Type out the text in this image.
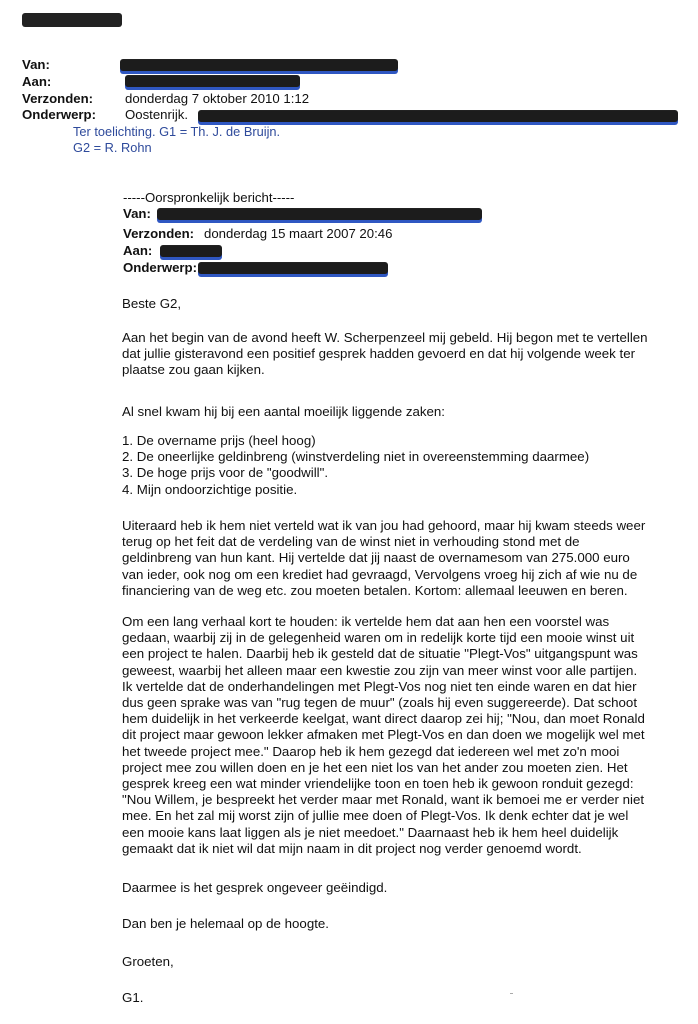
Van:
Aan:
Verzonden: donderdag 7 oktober 2010 1:12
Onderwerp: Oostenrijk.
Ter toelichting. G1 = Th. J. de Bruijn.
G2 = R. Rohn
-----Oorspronkelijk bericht-----
Van:
Verzonden: donderdag 15 maart 2007 20:46
Aan:
Onderwerp:
Beste G2,
Aan het begin van de avond heeft W. Scherpenzeel mij gebeld. Hij begon met te vertellen
dat jullie gisteravond een positief gesprek hadden gevoerd en dat hij volgende week ter
plaatse zou gaan kijken.
Al snel kwam hij bij een aantal moeilijk liggende zaken:
1. De overname prijs (heel hoog)
2. De oneerlijke geldinbreng (winstverdeling niet in overeenstemming daarmee)
3. De hoge prijs voor de "goodwill".
4. Mijn ondoorzichtige positie.
Uiteraard heb ik hem niet verteld wat ik van jou had gehoord, maar hij kwam steeds weer
terug op het feit dat de verdeling van de winst niet in verhouding stond met de
geldinbreng van hun kant. Hij vertelde dat jij naast de overnamesom van 275.000 euro
van ieder, ook nog om een krediet had gevraagd, Vervolgens vroeg hij zich af wie nu de
financiering van de weg etc. zou moeten betalen. Kortom: allemaal leeuwen en beren.
Om een lang verhaal kort te houden: ik vertelde hem dat aan hen een voorstel was
gedaan, waarbij zij in de gelegenheid waren om in redelijk korte tijd een mooie winst uit
een project te halen. Daarbij heb ik gesteld dat de situatie "Plegt-Vos" uitgangspunt was
geweest, waarbij het alleen maar een kwestie zou zijn van meer winst voor alle partijen.
Ik vertelde dat de onderhandelingen met Plegt-Vos nog niet ten einde waren en dat hier
dus geen sprake was van "rug tegen de muur" (zoals hij even suggereerde). Dat schoot
hem duidelijk in het verkeerde keelgat, want direct daarop zei hij; "Nou, dan moet Ronald
dit project maar gewoon lekker afmaken met Plegt-Vos en dan doen we mogelijk wel met
het tweede project mee." Daarop heb ik hem gezegd dat iedereen wel met zo'n mooi
project mee zou willen doen en je het een niet los van het ander zou moeten zien. Het
gesprek kreeg een wat minder vriendelijke toon en toen heb ik gewoon ronduit gezegd:
"Nou Willem, je bespreekt het verder maar met Ronald, want ik bemoei me er verder niet
mee. En het zal mij worst zijn of jullie mee doen of Plegt-Vos. Ik denk echter dat je wel
een mooie kans laat liggen als je niet meedoet." Daarnaast heb ik hem heel duidelijk
gemaakt dat ik niet wil dat mijn naam in dit project nog verder genoemd wordt.
Daarmee is het gesprek ongeveer geëindigd.
Dan ben je helemaal op de hoogte.
Groeten,
G1.
